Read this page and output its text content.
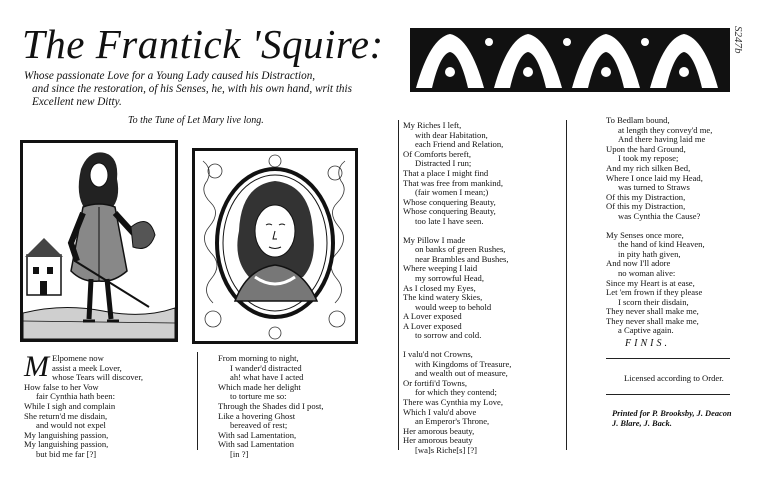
The Frantick 'Squire:
Whose passionate Love for a Young Lady caused his Distraction,
and since the restoration, of his Senses, he, with his own hand, writ this
Excellent new Ditty.
To the Tune of Let Mary live long.
M Elpomene now
assist a meek Lover,
whose Tears will discover,
How false to her Vow
fair Cynthia hath been:
While I sigh and complain
She return'd me disdain,
and would not expel
My languishing passion,
My languishing passion,
but bid me far [?]
From morning to night,
I wander'd distracted
ah! what have I acted
Which made her delight
to torture me so:
Through the Shades did I post,
Like a hovering Ghost
bereaved of rest;
With sad Lamentation,
With sad Lamentation
[in ?]
My Riches I left,
with dear Habitation,
each Friend and Relation,
Of Comforts bereft,
Distracted I run;
That a place I might find
That was free from mankind,
(fair women I mean;)
Whose conquering Beauty,
Whose conquering Beauty,
too late I have seen.
My Pillow I made
on banks of green Rushes,
near Brambles and Bushes,
Where weeping I laid
my sorrowful Head,
As I closed my Eyes,
The kind watery Skies,
would weep to behold
A Lover exposed
A Lover exposed
to sorrow and cold.
I valu'd not Crowns,
with Kingdoms of Treasure,
and wealth out of measure,
Or fortifi'd Towns,
for which they contend;
There was Cynthia my Love,
Which I valu'd above
an Emperor's Throne,
Her amorous beauty,
Her amorous beauty
[wa]s Riche[s] [?]
To Bedlam bound,
at length they convey'd me,
And there having laid me
Upon the hard Ground,
I took my repose;
And my rich silken Bed,
Where I once laid my Head,
was turned to Straws
Of this my Distraction,
Of this my Distraction,
was Cynthia the Cause?
My Senses once more,
the hand of kind Heaven,
in pity hath given,
And now I'll adore
no woman alive:
Since my Heart is at ease,
Let 'em frown if they please
I scorn their disdain,
They never shall make me,
They never shall make me,
a Captive again.
FINIS.
Licensed according to Order.
Printed for P. Brooksby, J. Deacon
J. Blare, J. Back.
S247b
